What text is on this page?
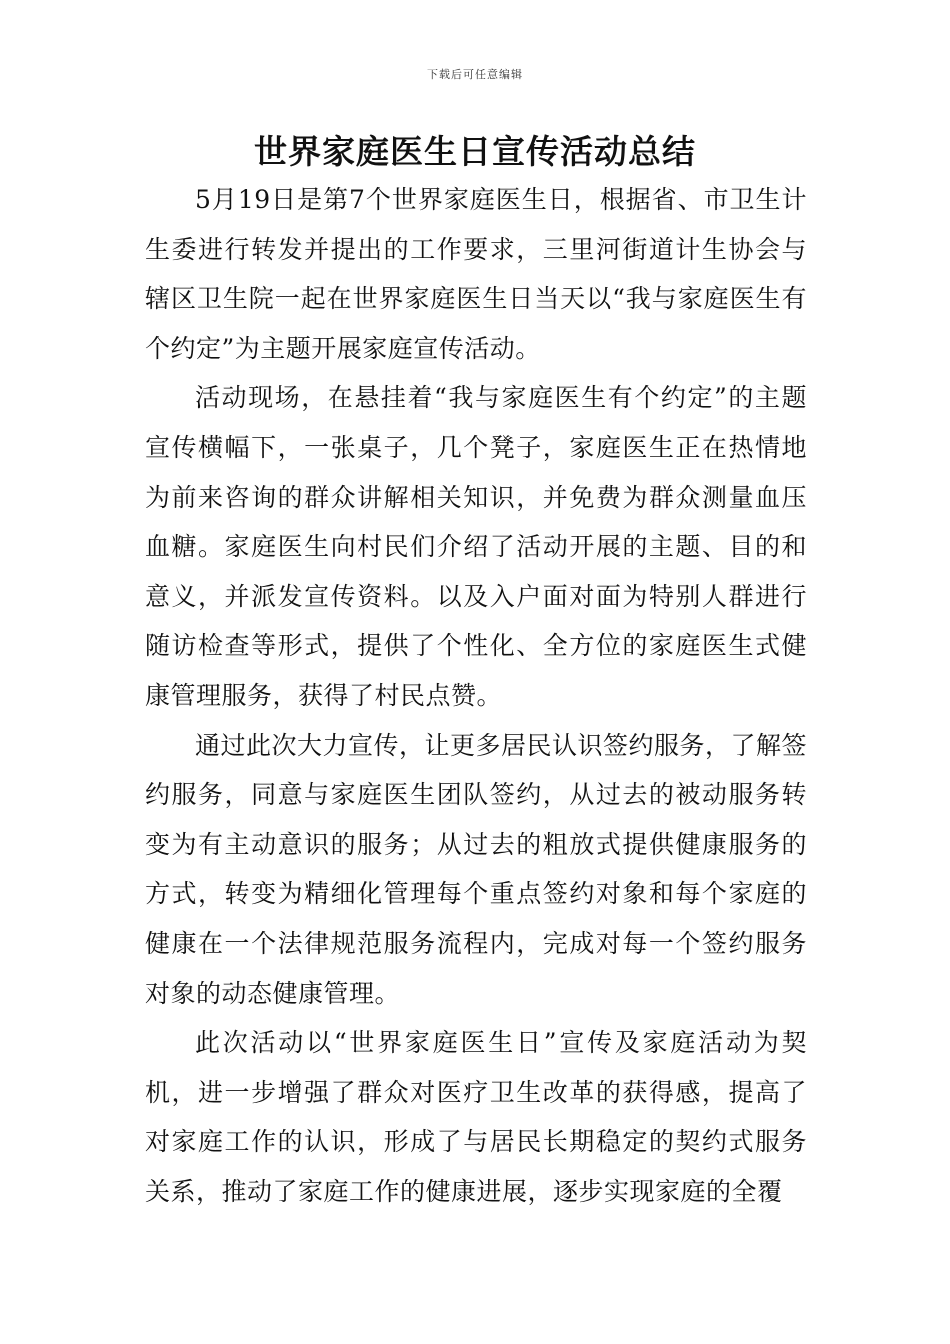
下载后可任意编辑
世界家庭医生日宣传活动总结

5月19日是第7个世界家庭医生日，根据省、市卫生计生委进行转发并提出的工作要求，三里河街道计生协会与辖区卫生院一起在世界家庭医生日当天以“我与家庭医生有个约定”为主题开展家庭宣传活动。

活动现场，在悬挂着“我与家庭医生有个约定”的主题宣传横幅下，一张桌子，几个凳子，家庭医生正在热情地为前来咨询的群众讲解相关知识，并免费为群众测量血压血糖。家庭医生向村民们介绍了活动开展的主题、目的和意义，并派发宣传资料。以及入户面对面为特别人群进行随访检查等形式，提供了个性化、全方位的家庭医生式健康管理服务，获得了村民点赞。

通过此次大力宣传，让更多居民认识签约服务，了解签约服务，同意与家庭医生团队签约，从过去的被动服务转变为有主动意识的服务；从过去的粗放式提供健康服务的方式，转变为精细化管理每个重点签约对象和每个家庭的健康在一个法律规范服务流程内，完成对每一个签约服务对象的动态健康管理。

此次活动以“世界家庭医生日”宣传及家庭活动为契机，进一步增强了群众对医疗卫生改革的获得感，提高了对家庭工作的认识，形成了与居民长期稳定的契约式服务关系，推动了家庭工作的健康进展，逐步实现家庭的全覆
